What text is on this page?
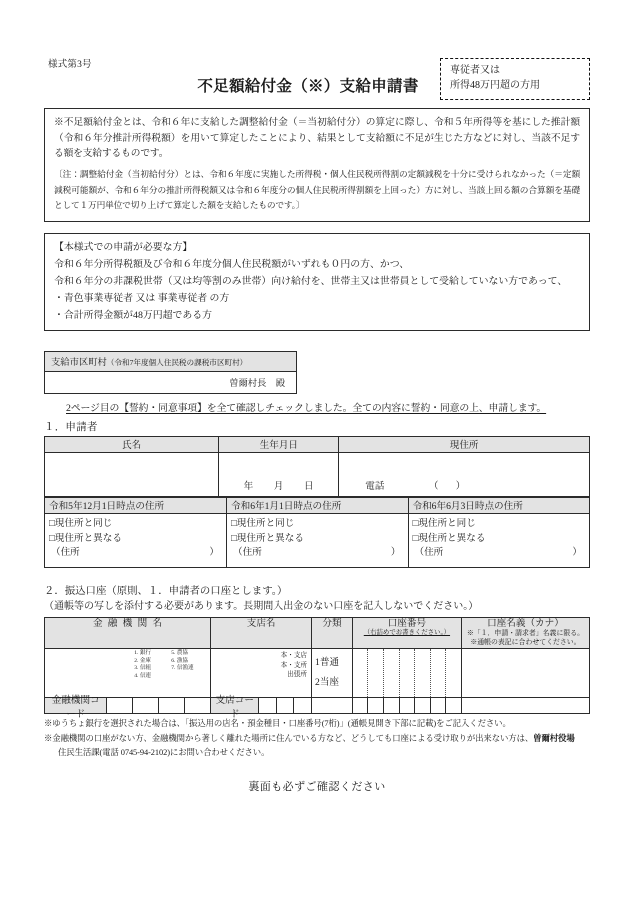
様式第3号
不足額給付金（※）支給申請書
専従者又は
所得48万円超の方用

※不足額給付金とは、令和６年に支給した調整給付金（＝当初給付分）の算定に際し、令和５年所得等を基にした推計額（令和６年分推計所得税額）を用いて算定したことにより、結果として支給額に不足が生じた方などに対し、当該不足する額を支給するものです。

〔注：調整給付金（当初給付分）とは、令和６年度に実施した所得税・個人住民税所得割の定額減税を十分に受けられなかった（＝定額減税可能額が、令和６年分の推計所得税額又は令和６年度分の個人住民税所得割額を上回った）方に対し、当該上回る額の合算額を基礎として１万円単位で切り上げて算定した額を支給したものです。〕

【本様式での申請が必要な方】

令和６年分所得税額及び令和６年度分個人住民税額がいずれも０円の方、かつ、

令和６年分の非課税世帯（又は均等割のみ世帯）向け給付を、世帯主又は世帯員として受給していない方であって、

・青色事業専従者 又は 事業専従者 の方

・合計所得金額が48万円超である方

支給市区町村（令和7年度個人住民税の課税市区町村）
曽爾村長　殿
2ページ目の【誓約・同意事項】を全て確認しチェックしました。全ての内容に誓約・同意の上、申請します。
１．申請者
氏名	生年月日	現住所

	年 月 日	電話 （）
令和5年12月1日時点の住所	令和6年1月1日時点の住所	令和6年6月3日時点の住所

□現住所と同じ
□現住所と異なる
（住所	）

□現住所と同じ
□現住所と異なる
（住所	）

□現住所と同じ
□現住所と異なる
（住所	）
２．振込口座（原則、１．申請者の口座とします。）
（通帳等の写しを添付する必要があります。長期間入出金のない口座を記入しないでください。）
金融機関名	支店名	分類	口座番号
（右詰めでお書きください。）	口座名義（カナ）
※「１．申請・請求者」名義に限る。
※通帳の表記に合わせてください。

1. 銀行	5. 農協
2. 金庫	6. 漁協
3. 信組	7. 信漁連
4. 信連

本・支店
本・支所
出張所

1普通
2当座

金融機関コード	支店コード			

※ゆうちょ銀行を選択された場合は、「振込用の店名・預金種目・口座番号(7桁)」(通帳見開き下部に記載)をご記入ください。
※金融機関の口座がない方、金融機関から著しく離れた場所に住んでいる方など、どうしても口座による受け取りが出来ない方は、曽爾村役場
住民生活課(電話 0745-94-2102)にお問い合わせください。
裏面も必ずご確認ください
